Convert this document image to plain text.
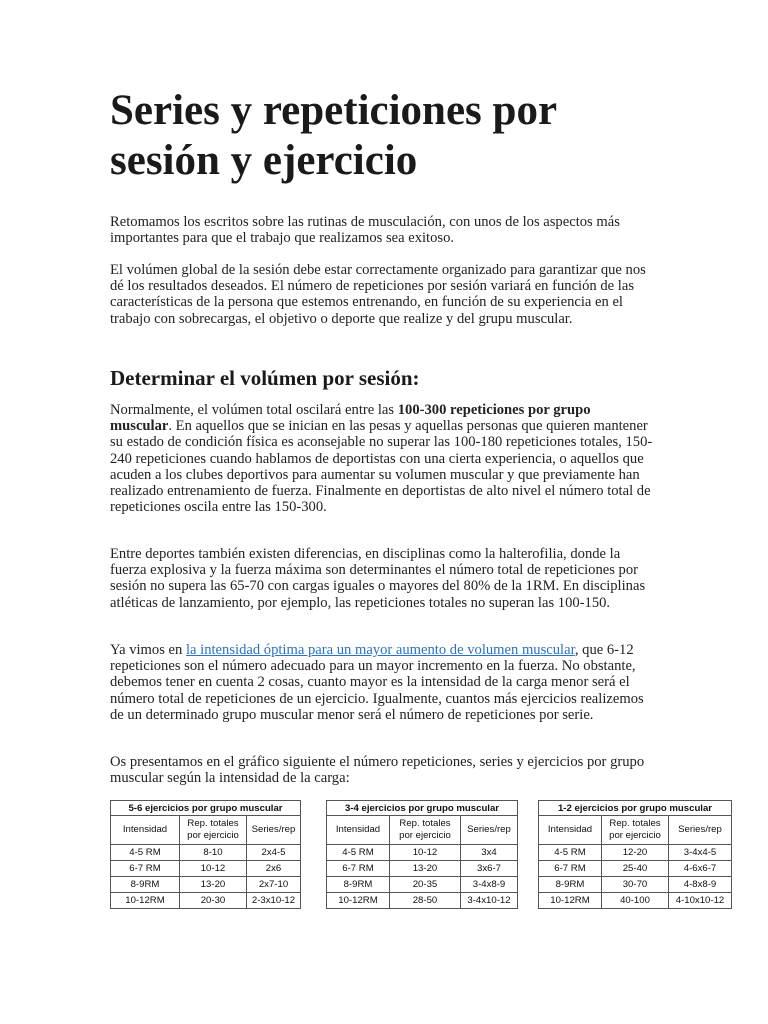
Series y repeticiones por sesión y ejercicio

Retomamos los escritos sobre las rutinas de musculación, con unos de los aspectos más importantes para que el trabajo que realizamos sea exitoso.

El volúmen global de la sesión debe estar correctamente organizado para garantizar que nos dé los resultados deseados. El número de repeticiones por sesión variará en función de las características de la persona que estemos entrenando, en función de su experiencia en el trabajo con sobrecargas, el objetivo o deporte que realize y del grupu muscular.

Determinar el volúmen por sesión:

Normalmente, el volúmen total oscilará entre las 100-300 repeticiones por grupo muscular. En aquellos que se inician en las pesas y aquellas personas que quieren mantener su estado de condición física es aconsejable no superar las 100-180 repeticiones totales, 150-240 repeticiones cuando hablamos de deportistas con una cierta experiencia, o aquellos que acuden a los clubes deportivos para aumentar su volumen muscular y que previamente han realizado entrenamiento de fuerza. Finalmente en deportistas de alto nivel el número total de repeticiones oscila entre las 150-300.

Entre deportes también existen diferencias, en disciplinas como la halterofilia, donde la fuerza explosiva y la fuerza máxima son determinantes el número total de repeticiones por sesión no supera las 65-70 con cargas iguales o mayores del 80% de la 1RM. En disciplinas atléticas de lanzamiento, por ejemplo, las repeticiones totales no superan las 100-150.

Ya vimos en la intensidad óptima para un mayor aumento de volumen muscular, que 6-12 repeticiones son el número adecuado para un mayor incremento en la fuerza. No obstante, debemos tener en cuenta 2 cosas, cuanto mayor es la intensidad de la carga menor será el número total de repeticiones de un ejercicio. Igualmente, cuantos más ejercicios realizemos de un determinado grupo muscular menor será el número de repeticiones por serie.

Os presentamos en el gráfico siguiente el número repeticiones, series y ejercicios por grupo muscular según la intensidad de la carga:

5-6 ejercicios por grupo muscular		
Intensidad	Rep. totales por ejercicio	Series/rep
4-5 RM	8-10	2x4-5
6-7 RM	10-12	2x6
8-9RM	13-20	2x7-10
10-12RM	20-30	2-3x10-12
3-4 ejercicios por grupo muscular		
Intensidad	Rep. totales por ejercicio	Series/rep
4-5 RM	10-12	3x4
6-7 RM	13-20	3x6-7
8-9RM	20-35	3-4x8-9
10-12RM	28-50	3-4x10-12
1-2 ejercicios por grupo muscular		
Intensidad	Rep. totales por ejercicio	Series/rep
4-5 RM	12-20	3-4x4-5
6-7 RM	25-40	4-6x6-7
8-9RM	30-70	4-8x8-9
10-12RM	40-100	4-10x10-12
